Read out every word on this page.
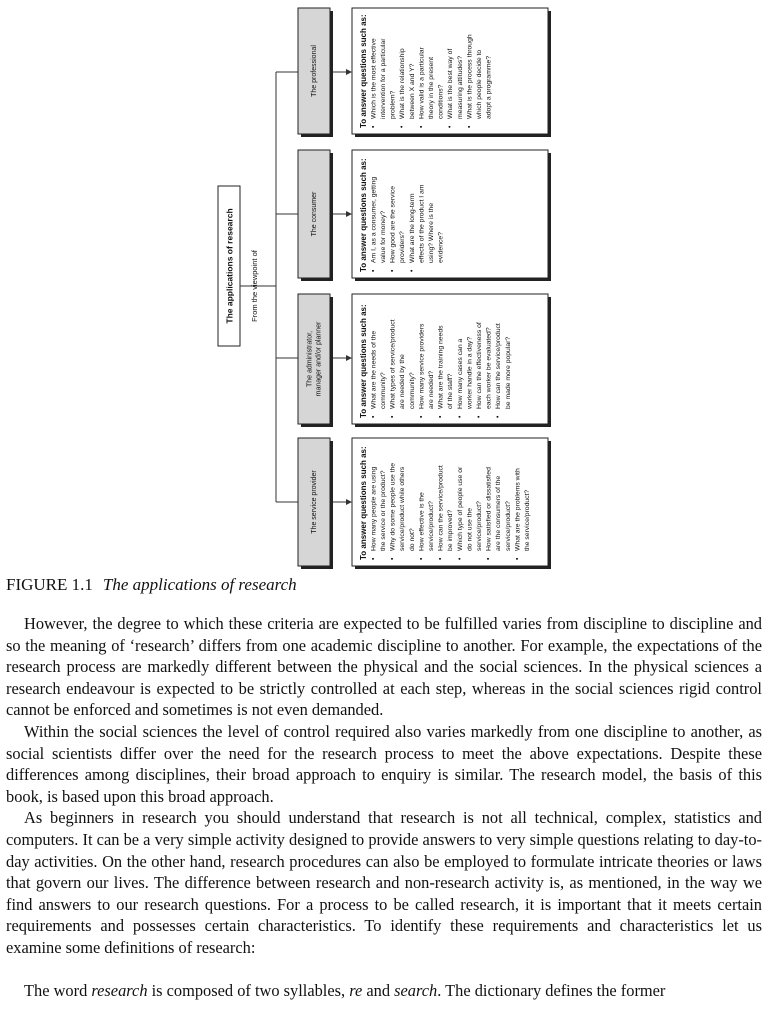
The applications of research From the viewpoint of
•	• •	• •
The professional	To answer questions such as: Which is the most effective intervention for a particular problem? What is the relationship between X and Y? How valid is a particular theory in the present conditions? What is the best way of measuring attitudes? What is the process through which people decide to adopt a programme?
• • •
The consumer	To answer questions such as: Am I, as a consumer, getting value for money? How good are the service providers? What are the long-term effects of the product I am using? Where is the evidence?
• •	• • • • •
The administrator, manager and/or planner	To answer questions such as: What are the needs of the community? What types of service/product are needed by the community? How many service providers are needed? What are the training needs of the staff? How many cases can a worker handle in a day? How can the effectiveness of each worker be evaluated? How can the service/product be made more popular?
• •	• • •	•	•
The service provider	To answer questions such as: How many people are using the service or the product? Why do some people use the service/product while others do not? How effective is the service/product? How can the service/product be improved? Which type of people use or do not use the service/product? How satisfied or dissatisfied are the consumers of the service/product? What are the problems with the service/product?
FIGURE 1.1 The applications of research

However, the degree to which these criteria are expected to be fulfilled varies from discipline to discipline and so the meaning of ‘research’ differs from one academic discipline to another. For example, the expectations of the research process are markedly different between the physical and the social sciences. In the physical sciences a research endeavour is expected to be strictly controlled at each step, whereas in the social sciences rigid control cannot be enforced and sometimes is not even demanded.

Within the social sciences the level of control required also varies markedly from one discipline to another, as social scientists differ over the need for the research process to meet the above expectations. Despite these differences among disciplines, their broad approach to enquiry is similar. The research model, the basis of this book, is based upon this broad approach.

As beginners in research you should understand that research is not all technical, complex, statistics and computers. It can be a very simple activity designed to provide answers to very simple questions relating to day-to-day activities. On the other hand, research procedures can also be employed to formulate intricate theories or laws that govern our lives. The difference between research and non-research activity is, as mentioned, in the way we find answers to our research questions. For a process to be called research, it is important that it meets certain requirements and possesses certain characteristics. To identify these requirements and characteristics let us examine some definitions of research:

The word research is composed of two syllables, re and search. The dictionary defines the former
